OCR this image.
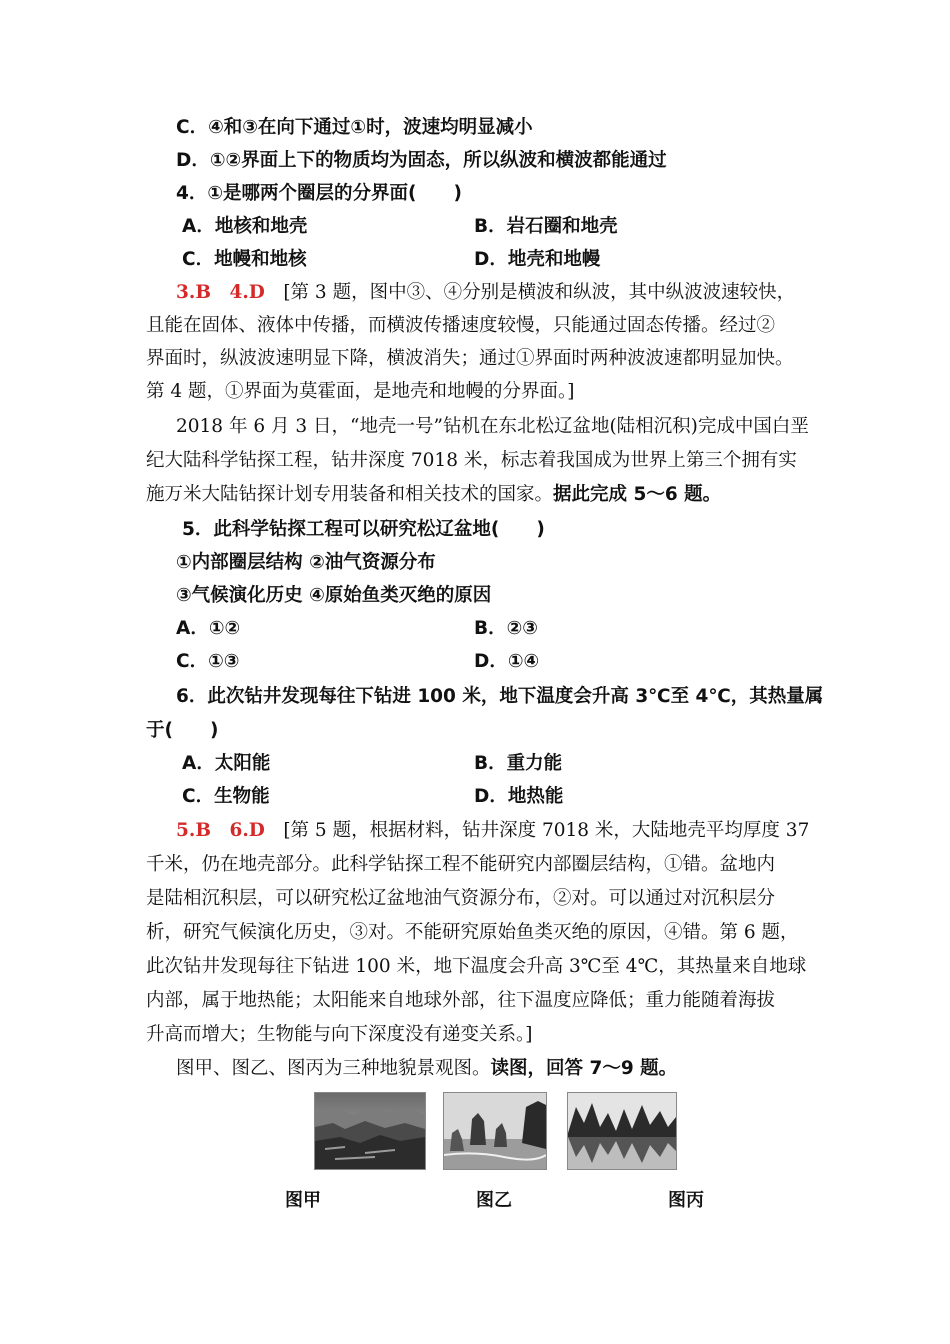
C．④和③在向下通过①时，波速均明显减小
D．①②界面上下的物质均为固态，所以纵波和横波都能通过
4．①是哪两个圈层的分界面(　　)
A．地核和地壳	B．岩石圈和地壳
C．地幔和地核	D．地壳和地幔
3.B　4.D　 [第 3 题，图中③、④分别是横波和纵波，其中纵波波速较快，
且能在固体、液体中传播，而横波传播速度较慢，只能通过固态传播。经过②
界面时，纵波波速明显下降，横波消失；通过①界面时两种波波速都明显加快。
第 4 题，①界面为莫霍面，是地壳和地幔的分界面。]
2018 年 6 月 3 日，“地壳一号”钻机在东北松辽盆地(陆相沉积)完成中国白垩
纪大陆科学钻探工程，钻井深度 7018 米，标志着我国成为世界上第三个拥有实
施万米大陆钻探计划专用装备和相关技术的国家。据此完成 5～6 题。
5．此科学钻探工程可以研究松辽盆地(　　)
①内部圈层结构 ②油气资源分布
③气候演化历史 ④原始鱼类灭绝的原因
A．①②	B．②③
C．①③	D．①④
6．此次钻井发现每往下钻进 100 米，地下温度会升高 3℃至 4℃，其热量属
于(　　)
A．太阳能	B．重力能
C．生物能	D．地热能
5.B　6.D　 [第 5 题，根据材料，钻井深度 7018 米，大陆地壳平均厚度 37
千米，仍在地壳部分。此科学钻探工程不能研究内部圈层结构，①错。盆地内
是陆相沉积层，可以研究松辽盆地油气资源分布，②对。可以通过对沉积层分
析，研究气候演化历史，③对。不能研究原始鱼类灭绝的原因，④错。第 6 题，
此次钻井发现每往下钻进 100 米，地下温度会升高 3℃至 4℃，其热量来自地球
内部，属于地热能；太阳能来自地球外部，往下温度应降低；重力能随着海拔
升高而增大；生物能与向下深度没有递变关系。]
图甲、图乙、图丙为三种地貌景观图。读图，回答 7～9 题。
图甲	图乙	图丙
